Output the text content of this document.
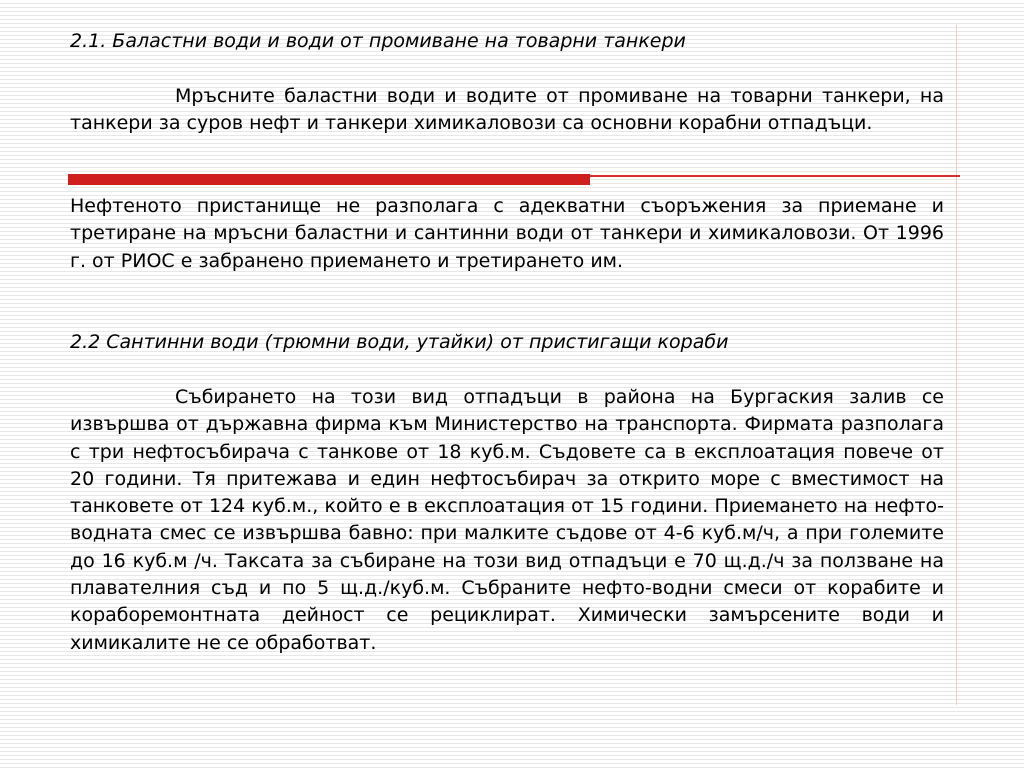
2.1. Баластни води и води от промиване на товарни танкери
Мръсните баластни води и водите от промиване на товарни танкери, на танкери за суров нефт и танкери химикаловози са основни корабни отпадъци.
Нефтеното пристанище не разполага с адекватни съоръжения за приемане и третиране на мръсни баластни и сантинни води от танкери и химикаловози. От 1996 г. от РИОС е забранено приемането и третирането им.
2.2 Сантинни води (трюмни води, утайки) от пристигащи кораби
Събирането на този вид отпадъци в района на Бургаския залив се извършва от държавна фирма към Министерство на транспорта. Фирмата разполага с три нефтосъбирача с танкове от 18 куб.м. Съдовете са в експлоатация повече от 20 години. Тя притежава и един нефтосъбирач за открито море с вместимост на танковете от 124 куб.м., който е в експлоатация от 15 години. Приемането на нефто-водната смес се извършва бавно: при малките съдове от 4-6 куб.м/ч, а при големите до 16 куб.м /ч. Таксата за събиране на този вид отпадъци е 70 щ.д./ч за ползване на плавателния съд и по 5 щ.д./куб.м. Събраните нефто-водни смеси от корабите и кораборемонтната дейност се рециклират. Химически замърсените води и химикалите не се обработват.
